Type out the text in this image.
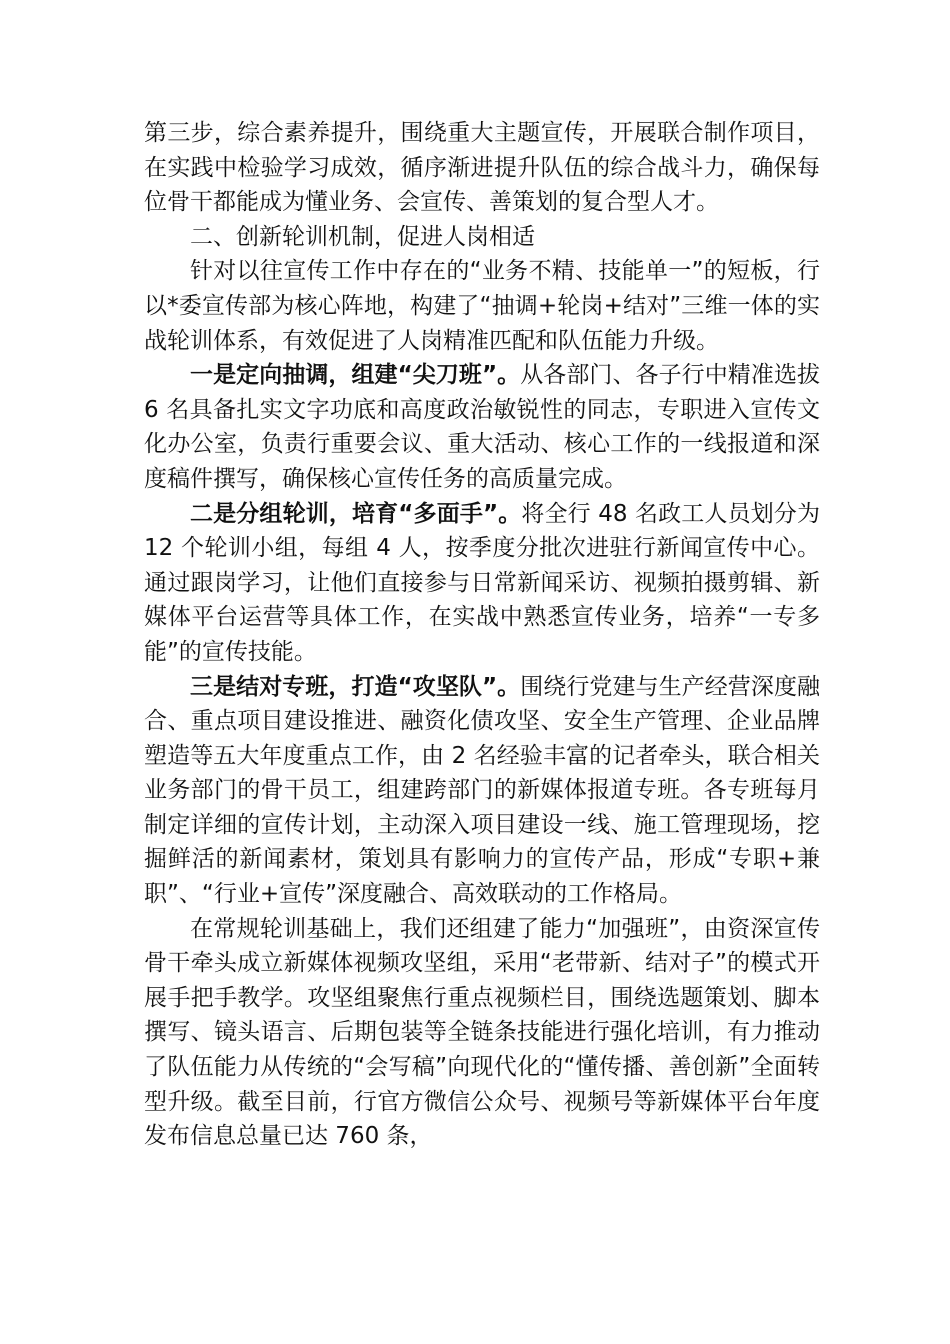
第三步，综合素养提升，围绕重大主题宣传，开展联合制作项目，在实践中检验学习成效，循序渐进提升队伍的综合战斗力，确保每位骨干都能成为懂业务、会宣传、善策划的复合型人才。

二、创新轮训机制，促进人岗相适

针对以往宣传工作中存在的“业务不精、技能单一”的短板，行以*委宣传部为核心阵地，构建了“抽调+轮岗+结对”三维一体的实战轮训体系，有效促进了人岗精准匹配和队伍能力升级。

一是定向抽调，组建“尖刀班”。从各部门、各子行中精准选拔 6 名具备扎实文字功底和高度政治敏锐性的同志，专职进入宣传文化办公室，负责行重要会议、重大活动、核心工作的一线报道和深度稿件撰写，确保核心宣传任务的高质量完成。

二是分组轮训，培育“多面手”。将全行 48 名政工人员划分为 12 个轮训小组，每组 4 人，按季度分批次进驻行新闻宣传中心。通过跟岗学习，让他们直接参与日常新闻采访、视频拍摄剪辑、新媒体平台运营等具体工作，在实战中熟悉宣传业务，培养“一专多能”的宣传技能。

三是结对专班，打造“攻坚队”。围绕行党建与生产经营深度融合、重点项目建设推进、融资化债攻坚、安全生产管理、企业品牌塑造等五大年度重点工作，由 2 名经验丰富的记者牵头，联合相关业务部门的骨干员工，组建跨部门的新媒体报道专班。各专班每月制定详细的宣传计划，主动深入项目建设一线、施工管理现场，挖掘鲜活的新闻素材，策划具有影响力的宣传产品，形成“专职+兼职”、“行业+宣传”深度融合、高效联动的工作格局。

在常规轮训基础上，我们还组建了能力“加强班”，由资深宣传骨干牵头成立新媒体视频攻坚组，采用“老带新、结对子”的模式开展手把手教学。攻坚组聚焦行重点视频栏目，围绕选题策划、脚本撰写、镜头语言、后期包装等全链条技能进行强化培训，有力推动了队伍能力从传统的“会写稿”向现代化的“懂传播、善创新”全面转型升级。截至目前，行官方微信公众号、视频号等新媒体平台年度发布信息总量已达 760 条，
